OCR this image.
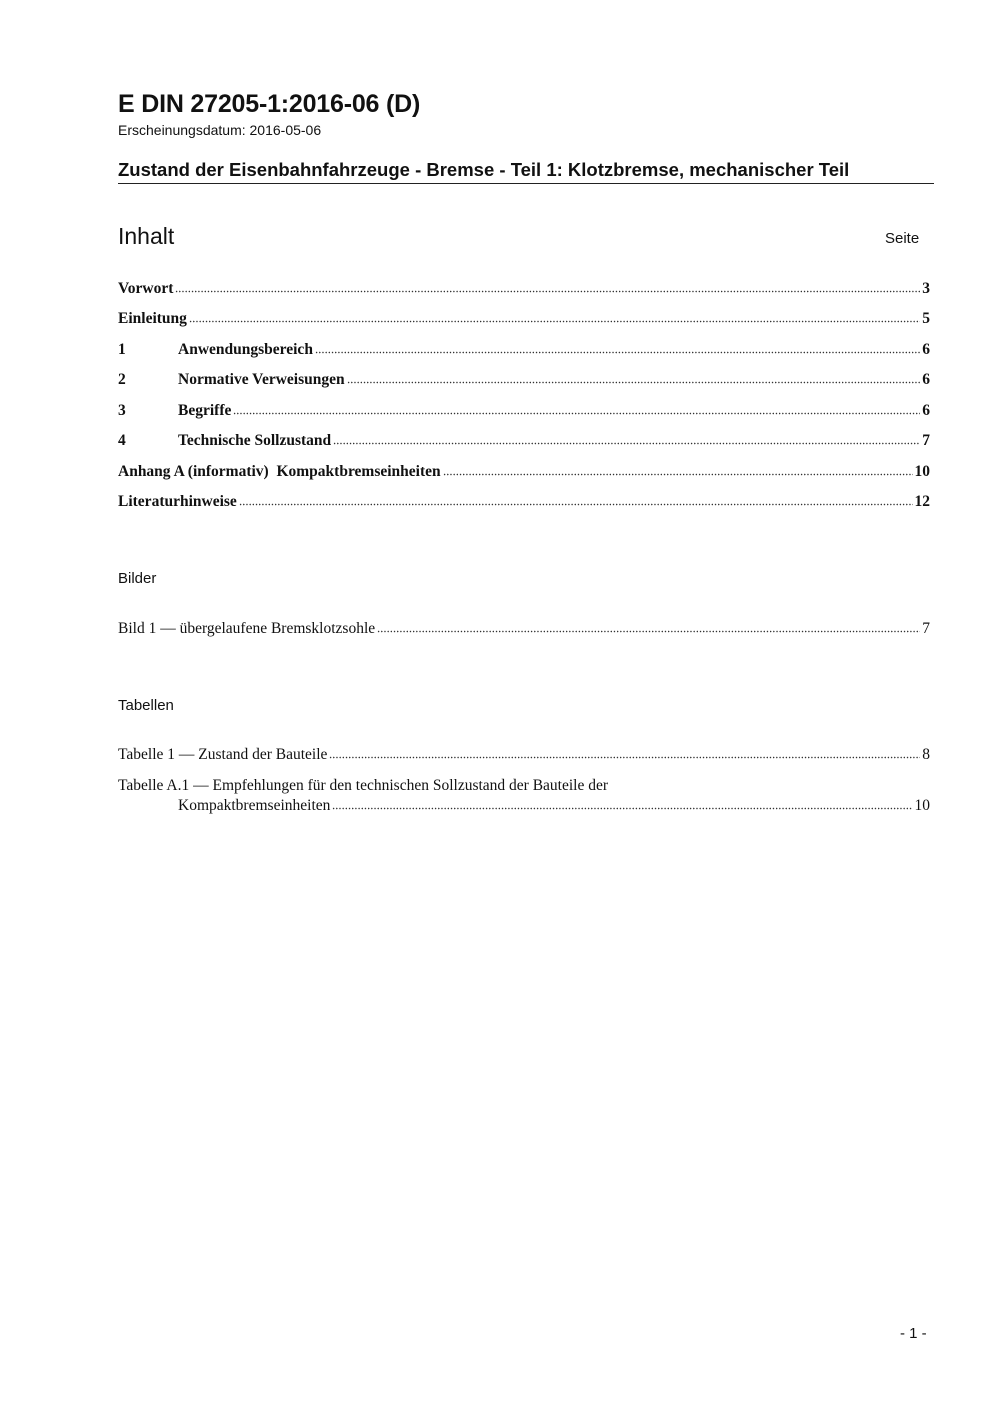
E DIN 27205-1:2016-06 (D)
Erscheinungsdatum: 2016-05-06
Zustand der Eisenbahnfahrzeuge - Bremse - Teil 1: Klotzbremse, mechanischer Teil
Inhalt	Seite
Vorwort	3
Einleitung	5
1	Anwendungsbereich	6
2	Normative Verweisungen	6
3	Begriffe	6
4	Technische Sollzustand	7
Anhang A (informativ)  Kompaktbremseinheiten	10
Literaturhinweise	12
Bilder
Bild 1 — übergelaufene Bremsklotzsohle	7
Tabellen
Tabelle 1 — Zustand der Bauteile	8
Tabelle A.1 — Empfehlungen für den technischen Sollzustand der Bauteile der
Kompaktbremseinheiten	10
- 1 -
